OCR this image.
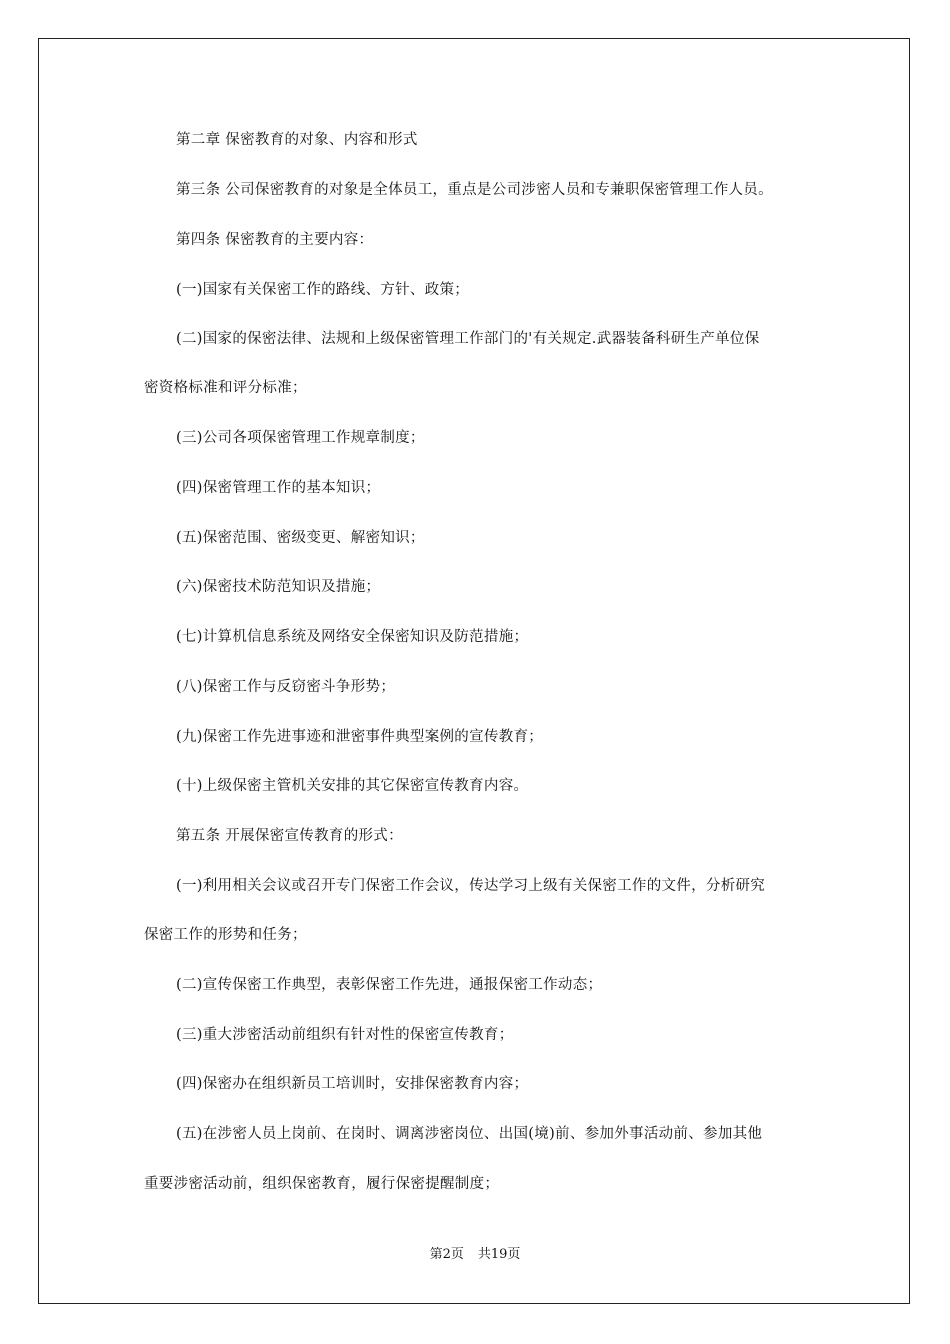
第二章 保密教育的对象、内容和形式
第三条 公司保密教育的对象是全体员工，重点是公司涉密人员和专兼职保密管理工作人员。
第四条 保密教育的主要内容：
(一)国家有关保密工作的路线、方针、政策；
(二)国家的保密法律、法规和上级保密管理工作部门的'有关规定.武器装备科研生产单位保
密资格标准和评分标准；
(三)公司各项保密管理工作规章制度；
(四)保密管理工作的基本知识；
(五)保密范围、密级变更、解密知识；
(六)保密技术防范知识及措施；
(七)计算机信息系统及网络安全保密知识及防范措施；
(八)保密工作与反窃密斗争形势；
(九)保密工作先进事迹和泄密事件典型案例的宣传教育；
(十)上级保密主管机关安排的其它保密宣传教育内容。
第五条 开展保密宣传教育的形式：
(一)利用相关会议或召开专门保密工作会议，传达学习上级有关保密工作的文件，分析研究
保密工作的形势和任务；
(二)宣传保密工作典型，表彰保密工作先进，通报保密工作动态；
(三)重大涉密活动前组织有针对性的保密宣传教育；
(四)保密办在组织新员工培训时，安排保密教育内容；
(五)在涉密人员上岗前、在岗时、调离涉密岗位、出国(境)前、参加外事活动前、参加其他
重要涉密活动前，组织保密教育，履行保密提醒制度；
第2页 共19页
